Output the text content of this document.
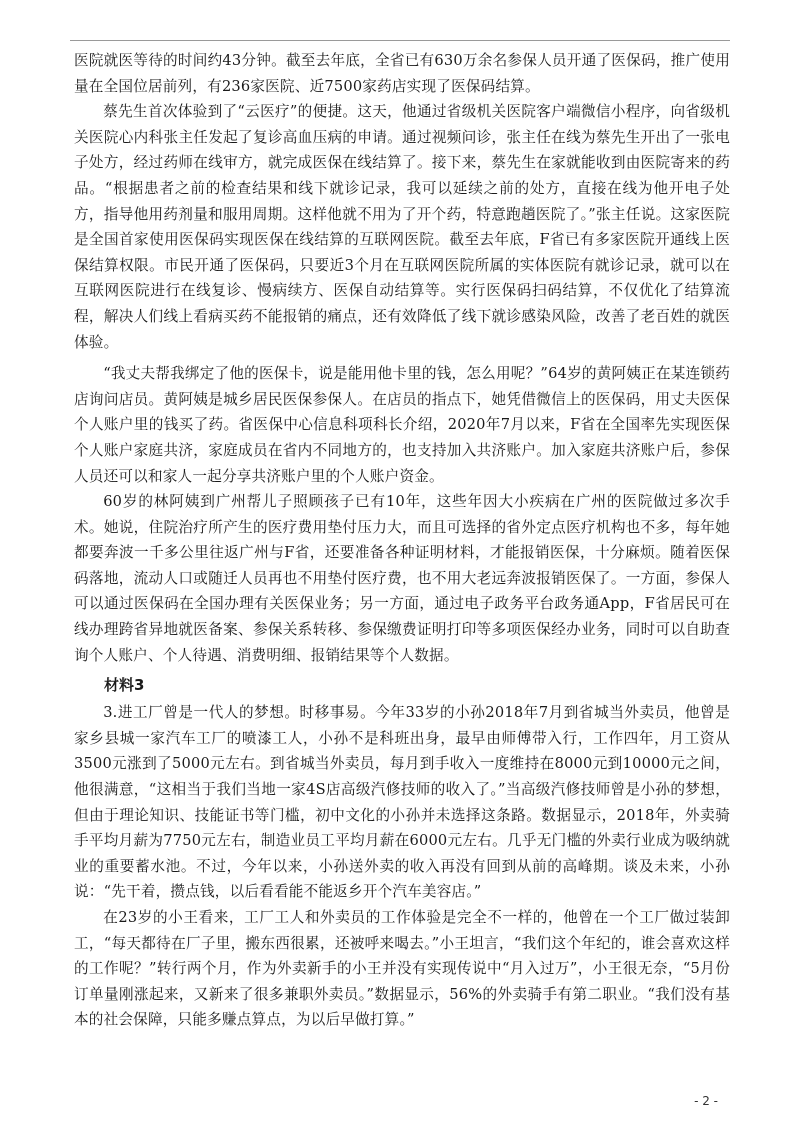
医院就医等待的时间约43分钟。截至去年底，全省已有630万余名参保人员开通了医保码，推广使用量在全国位居前列，有236家医院、近7500家药店实现了医保码结算。

蔡先生首次体验到了“云医疗”的便捷。这天，他通过省级机关医院客户端微信小程序，向省级机关医院心内科张主任发起了复诊高血压病的申请。通过视频问诊，张主任在线为蔡先生开出了一张电子处方，经过药师在线审方，就完成医保在线结算了。接下来，蔡先生在家就能收到由医院寄来的药品。“根据患者之前的检查结果和线下就诊记录，我可以延续之前的处方，直接在线为他开电子处方，指导他用药剂量和服用周期。这样他就不用为了开个药，特意跑趟医院了。”张主任说。这家医院是全国首家使用医保码实现医保在线结算的互联网医院。截至去年底，F省已有多家医院开通线上医保结算权限。市民开通了医保码，只要近3个月在互联网医院所属的实体医院有就诊记录，就可以在互联网医院进行在线复诊、慢病续方、医保自动结算等。实行医保码扫码结算，不仅优化了结算流程，解决人们线上看病买药不能报销的痛点，还有效降低了线下就诊感染风险，改善了老百姓的就医体验。

“我丈夫帮我绑定了他的医保卡，说是能用他卡里的钱，怎么用呢？”64岁的黄阿姨正在某连锁药店询问店员。黄阿姨是城乡居民医保参保人。在店员的指点下，她凭借微信上的医保码，用丈夫医保个人账户里的钱买了药。省医保中心信息科项科长介绍，2020年7月以来，F省在全国率先实现医保个人账户家庭共济，家庭成员在省内不同地方的，也支持加入共济账户。加入家庭共济账户后，参保人员还可以和家人一起分享共济账户里的个人账户资金。

60岁的林阿姨到广州帮儿子照顾孩子已有10年，这些年因大小疾病在广州的医院做过多次手术。她说，住院治疗所产生的医疗费用垫付压力大，而且可选择的省外定点医疗机构也不多，每年她都要奔波一千多公里往返广州与F省，还要准备各种证明材料，才能报销医保，十分麻烦。随着医保码落地，流动人口或随迁人员再也不用垫付医疗费，也不用大老远奔波报销医保了。一方面，参保人可以通过医保码在全国办理有关医保业务；另一方面，通过电子政务平台政务通App，F省居民可在线办理跨省异地就医备案、参保关系转移、参保缴费证明打印等多项医保经办业务，同时可以自助查询个人账户、个人待遇、消费明细、报销结果等个人数据。

材料3

3.进工厂曾是一代人的梦想。时移事易。今年33岁的小孙2018年7月到省城当外卖员，他曾是家乡县城一家汽车工厂的喷漆工人，小孙不是科班出身，最早由师傅带入行，工作四年，月工资从3500元涨到了5000元左右。到省城当外卖员，每月到手收入一度维持在8000元到10000元之间，他很满意，“这相当于我们当地一家4S店高级汽修技师的收入了。”当高级汽修技师曾是小孙的梦想，但由于理论知识、技能证书等门槛，初中文化的小孙并未选择这条路。数据显示，2018年，外卖骑手平均月薪为7750元左右，制造业员工平均月薪在6000元左右。几乎无门槛的外卖行业成为吸纳就业的重要蓄水池。不过，今年以来，小孙送外卖的收入再没有回到从前的高峰期。谈及未来，小孙说：“先干着，攒点钱，以后看看能不能返乡开个汽车美容店。”

在23岁的小王看来，工厂工人和外卖员的工作体验是完全不一样的，他曾在一个工厂做过装卸工，“每天都待在厂子里，搬东西很累，还被呼来喝去。”小王坦言，“我们这个年纪的，谁会喜欢这样的工作呢？”转行两个月，作为外卖新手的小王并没有实现传说中“月入过万”，小王很无奈，“5月份订单量刚涨起来，又新来了很多兼职外卖员。”数据显示，56%的外卖骑手有第二职业。“我们没有基本的社会保障，只能多赚点算点，为以后早做打算。”

- 2 -
